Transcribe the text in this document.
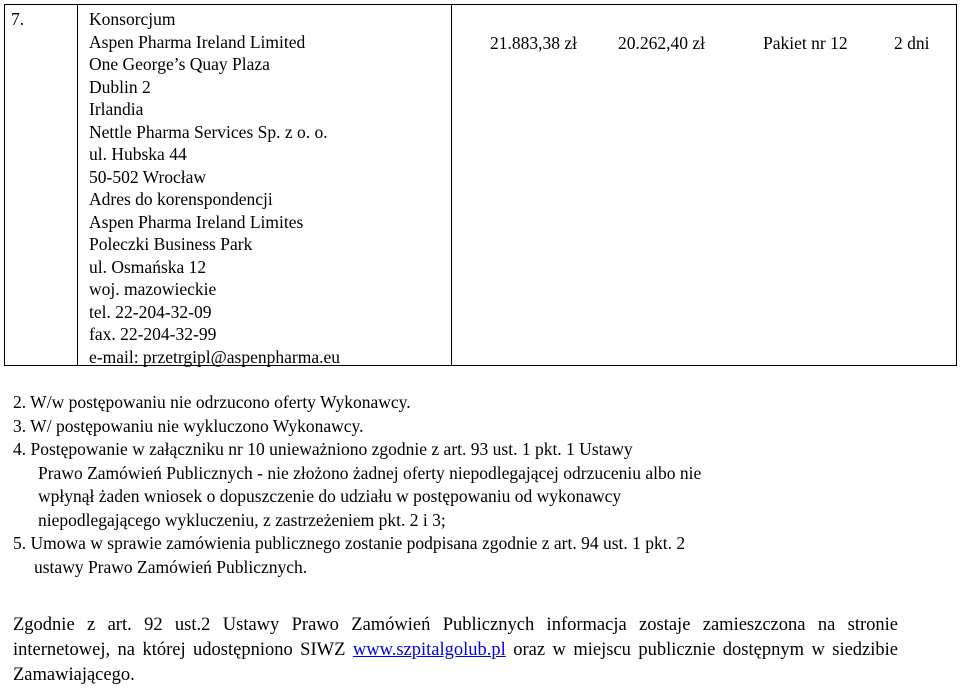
7.	Konsorcjum
Aspen Pharma Ireland Limited
One George’s Quay Plaza
Dublin 2
Irlandia
Nettle Pharma Services Sp. z o. o.
ul. Hubska 44
50-502 Wrocław
Adres do korenspondencji
Aspen Pharma Ireland Limites
Poleczki Business Park
ul. Osmańska 12
woj. mazowieckie
tel. 22-204-32-09
fax. 22-204-32-99
e-mail: przetrgipl@aspenpharma.eu
21.883,38 zł 20.262,40 zł	Pakiet nr 12	2 dni
2. W/w postępowaniu nie odrzucono oferty Wykonawcy.
3. W/ postępowaniu nie wykluczono Wykonawcy.
4. Postępowanie w załączniku nr 10 unieważniono zgodnie z art. 93 ust. 1 pkt. 1 Ustawy
Prawo Zamówień Publicznych - nie złożono żadnej oferty niepodlegającej odrzuceniu albo nie
wpłynął żaden wniosek o dopuszczenie do udziału w postępowaniu od wykonawcy
niepodlegającego wykluczeniu, z zastrzeżeniem pkt. 2 i 3;
5. Umowa w sprawie zamówienia publicznego zostanie podpisana zgodnie z art. 94 ust. 1 pkt. 2
ustawy Prawo Zamówień Publicznych.
Zgodnie z art. 92 ust.2 Ustawy Prawo Zamówień Publicznych informacja zostaje zamieszczona na stronie internetowej, na której udostępniono SIWZ www.szpitalgolub.pl oraz w miejscu publicznie dostępnym w siedzibie Zamawiającego.
